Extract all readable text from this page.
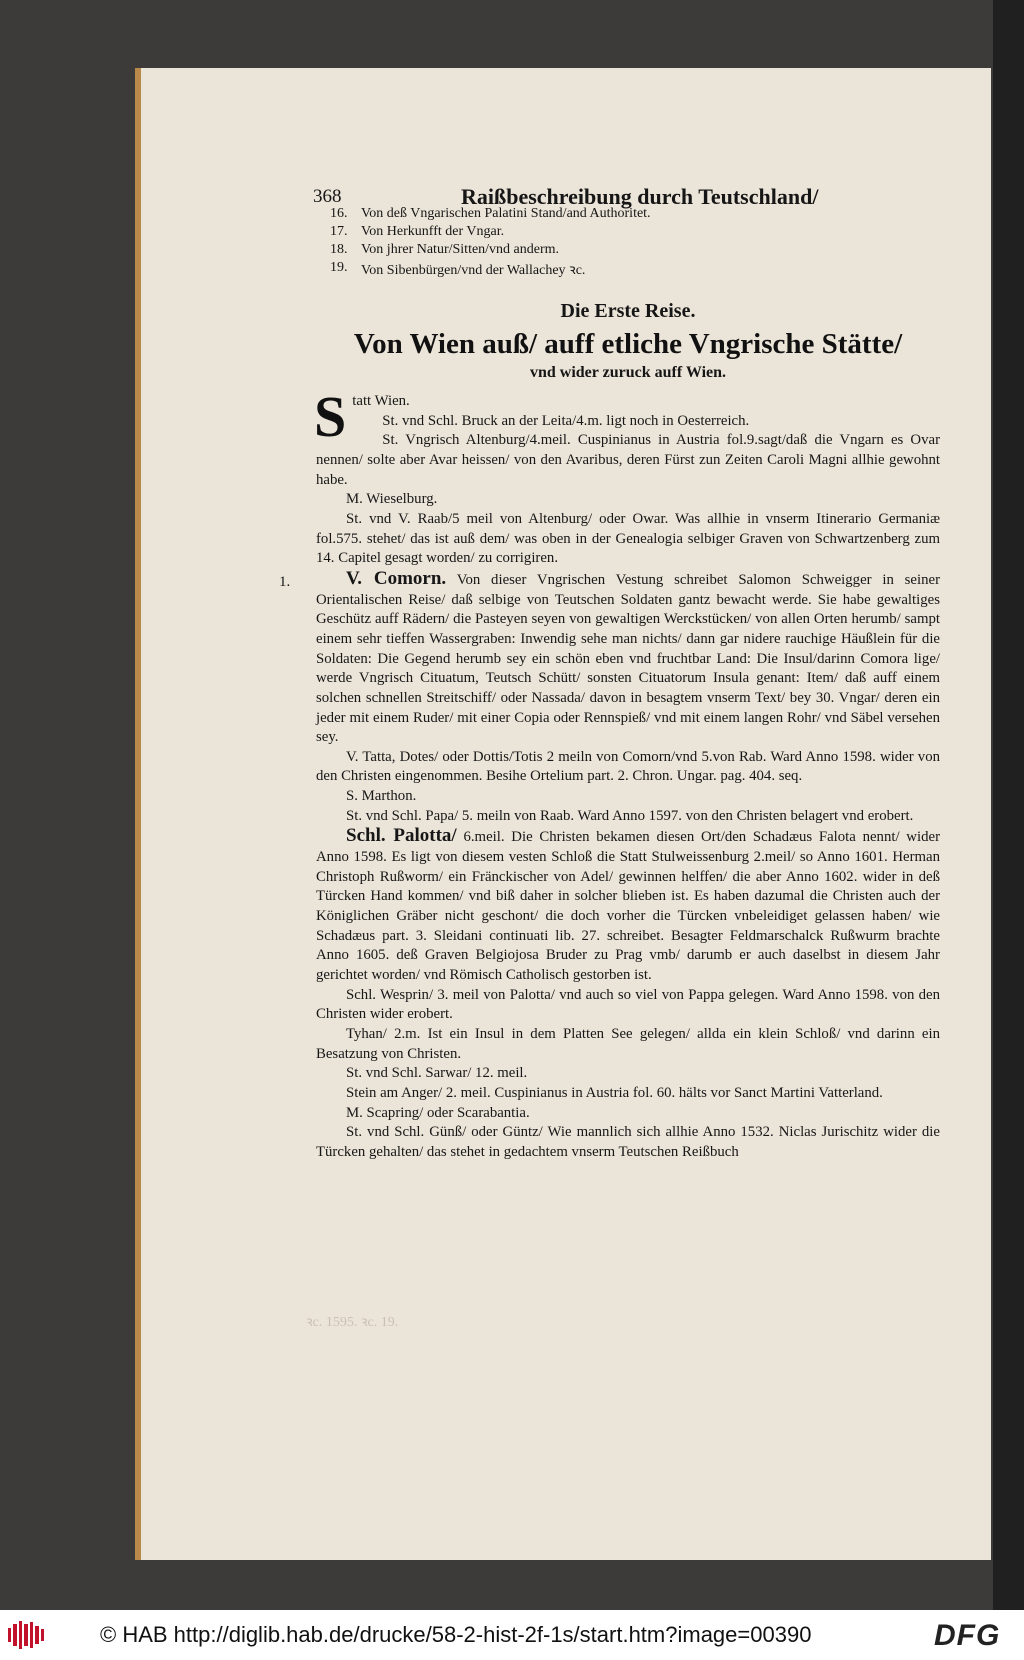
368	Raißbeschreibung durch Teutschland/
16. Von deß Vngarischen Palatini Stand/and Authoritet.
17. Von Herkunfft der Vngar.
18. Von jhrer Natur/Sitten/vnd anderm.
19. Von Sibenbürgen/vnd der Wallachey ꝛc.
Die Erste Reise.
Von Wien auß/ auff etliche Vngrische Stätte/
vnd wider zuruck auff Wien.
1.

Statt Wien.

St. vnd Schl. Bruck an der Leita/4.m. ligt noch in Oesterreich.

St. Vngrisch Altenburg/4.meil. Cuspinianus in Austria fol.9.sagt/daß die Vngarn es Ovar nennen/ solte aber Avar heissen/ von den Avaribus, deren Fürst zun Zeiten Caroli Magni allhie gewohnt habe.

M. Wieselburg.

St. vnd V. Raab/5 meil von Altenburg/ oder Owar. Was allhie in vnserm Itinerario Germaniæ fol.575. stehet/ das ist auß dem/ was oben in der Genealogia selbiger Graven von Schwartzenberg zum 14. Capitel gesagt worden/ zu corrigiren.

V. Comorn. Von dieser Vngrischen Vestung schreibet Salomon Schweigger in seiner Orientalischen Reise/ daß selbige von Teutschen Soldaten gantz bewacht werde. Sie habe gewaltiges Geschütz auff Rädern/ die Pasteyen seyen von gewaltigen Werckstücken/ von allen Orten herumb/ sampt einem sehr tieffen Wassergraben: Inwendig sehe man nichts/ dann gar nidere rauchige Häußlein für die Soldaten: Die Gegend herumb sey ein schön eben vnd fruchtbar Land: Die Insul/darinn Comora lige/ werde Vngrisch Cituatum, Teutsch Schütt/ sonsten Cituatorum Insula genant: Item/ daß auff einem solchen schnellen Streitschiff/ oder Nassada/ davon in besagtem vnserm Text/ bey 30. Vngar/ deren ein jeder mit einem Ruder/ mit einer Copia oder Rennspieß/ vnd mit einem langen Rohr/ vnd Säbel versehen sey.

V. Tatta, Dotes/ oder Dottis/Totis 2 meiln von Comorn/vnd 5.von Rab. Ward Anno 1598. wider von den Christen eingenommen. Besihe Ortelium part. 2. Chron. Ungar. pag. 404. seq.

S. Marthon.

St. vnd Schl. Papa/ 5. meiln von Raab. Ward Anno 1597. von den Christen belagert vnd erobert.

Schl. Palotta/ 6.meil. Die Christen bekamen diesen Ort/den Schadæus Falota nennt/ wider Anno 1598. Es ligt von diesem vesten Schloß die Statt Stulweissenburg 2.meil/ so Anno 1601. Herman Christoph Rußworm/ ein Fränckischer von Adel/ gewinnen helffen/ die aber Anno 1602. wider in deß Türcken Hand kommen/ vnd biß daher in solcher blieben ist. Es haben dazumal die Christen auch der Königlichen Gräber nicht geschont/ die doch vorher die Türcken vnbeleidiget gelassen haben/ wie Schadæus part. 3. Sleidani continuati lib. 27. schreibet. Besagter Feldmarschalck Rußwurm brachte Anno 1605. deß Graven Belgiojosa Bruder zu Prag vmb/ darumb er auch daselbst in diesem Jahr gerichtet worden/ vnd Römisch Catholisch gestorben ist.

Schl. Wesprin/ 3. meil von Palotta/ vnd auch so viel von Pappa gelegen. Ward Anno 1598. von den Christen wider erobert.

Tyhan/ 2.m. Ist ein Insul in dem Platten See gelegen/ allda ein klein Schloß/ vnd darinn ein Besatzung von Christen.

St. vnd Schl. Sarwar/ 12. meil.

Stein am Anger/ 2. meil. Cuspinianus in Austria fol. 60. hälts vor Sanct Martini Vatterland.

M. Scapring/ oder Scarabantia.

St. vnd Schl. Günß/ oder Güntz/ Wie mannlich sich allhie Anno 1532. Niclas Jurischitz wider die Türcken gehalten/ das stehet in gedachtem vnserm Teutschen Reißbuch

ꝛc. 1595. ꝛc. 19.
© HAB http://diglib.hab.de/drucke/58-2-hist-2f-1s/start.htm?image=00390	DFG
